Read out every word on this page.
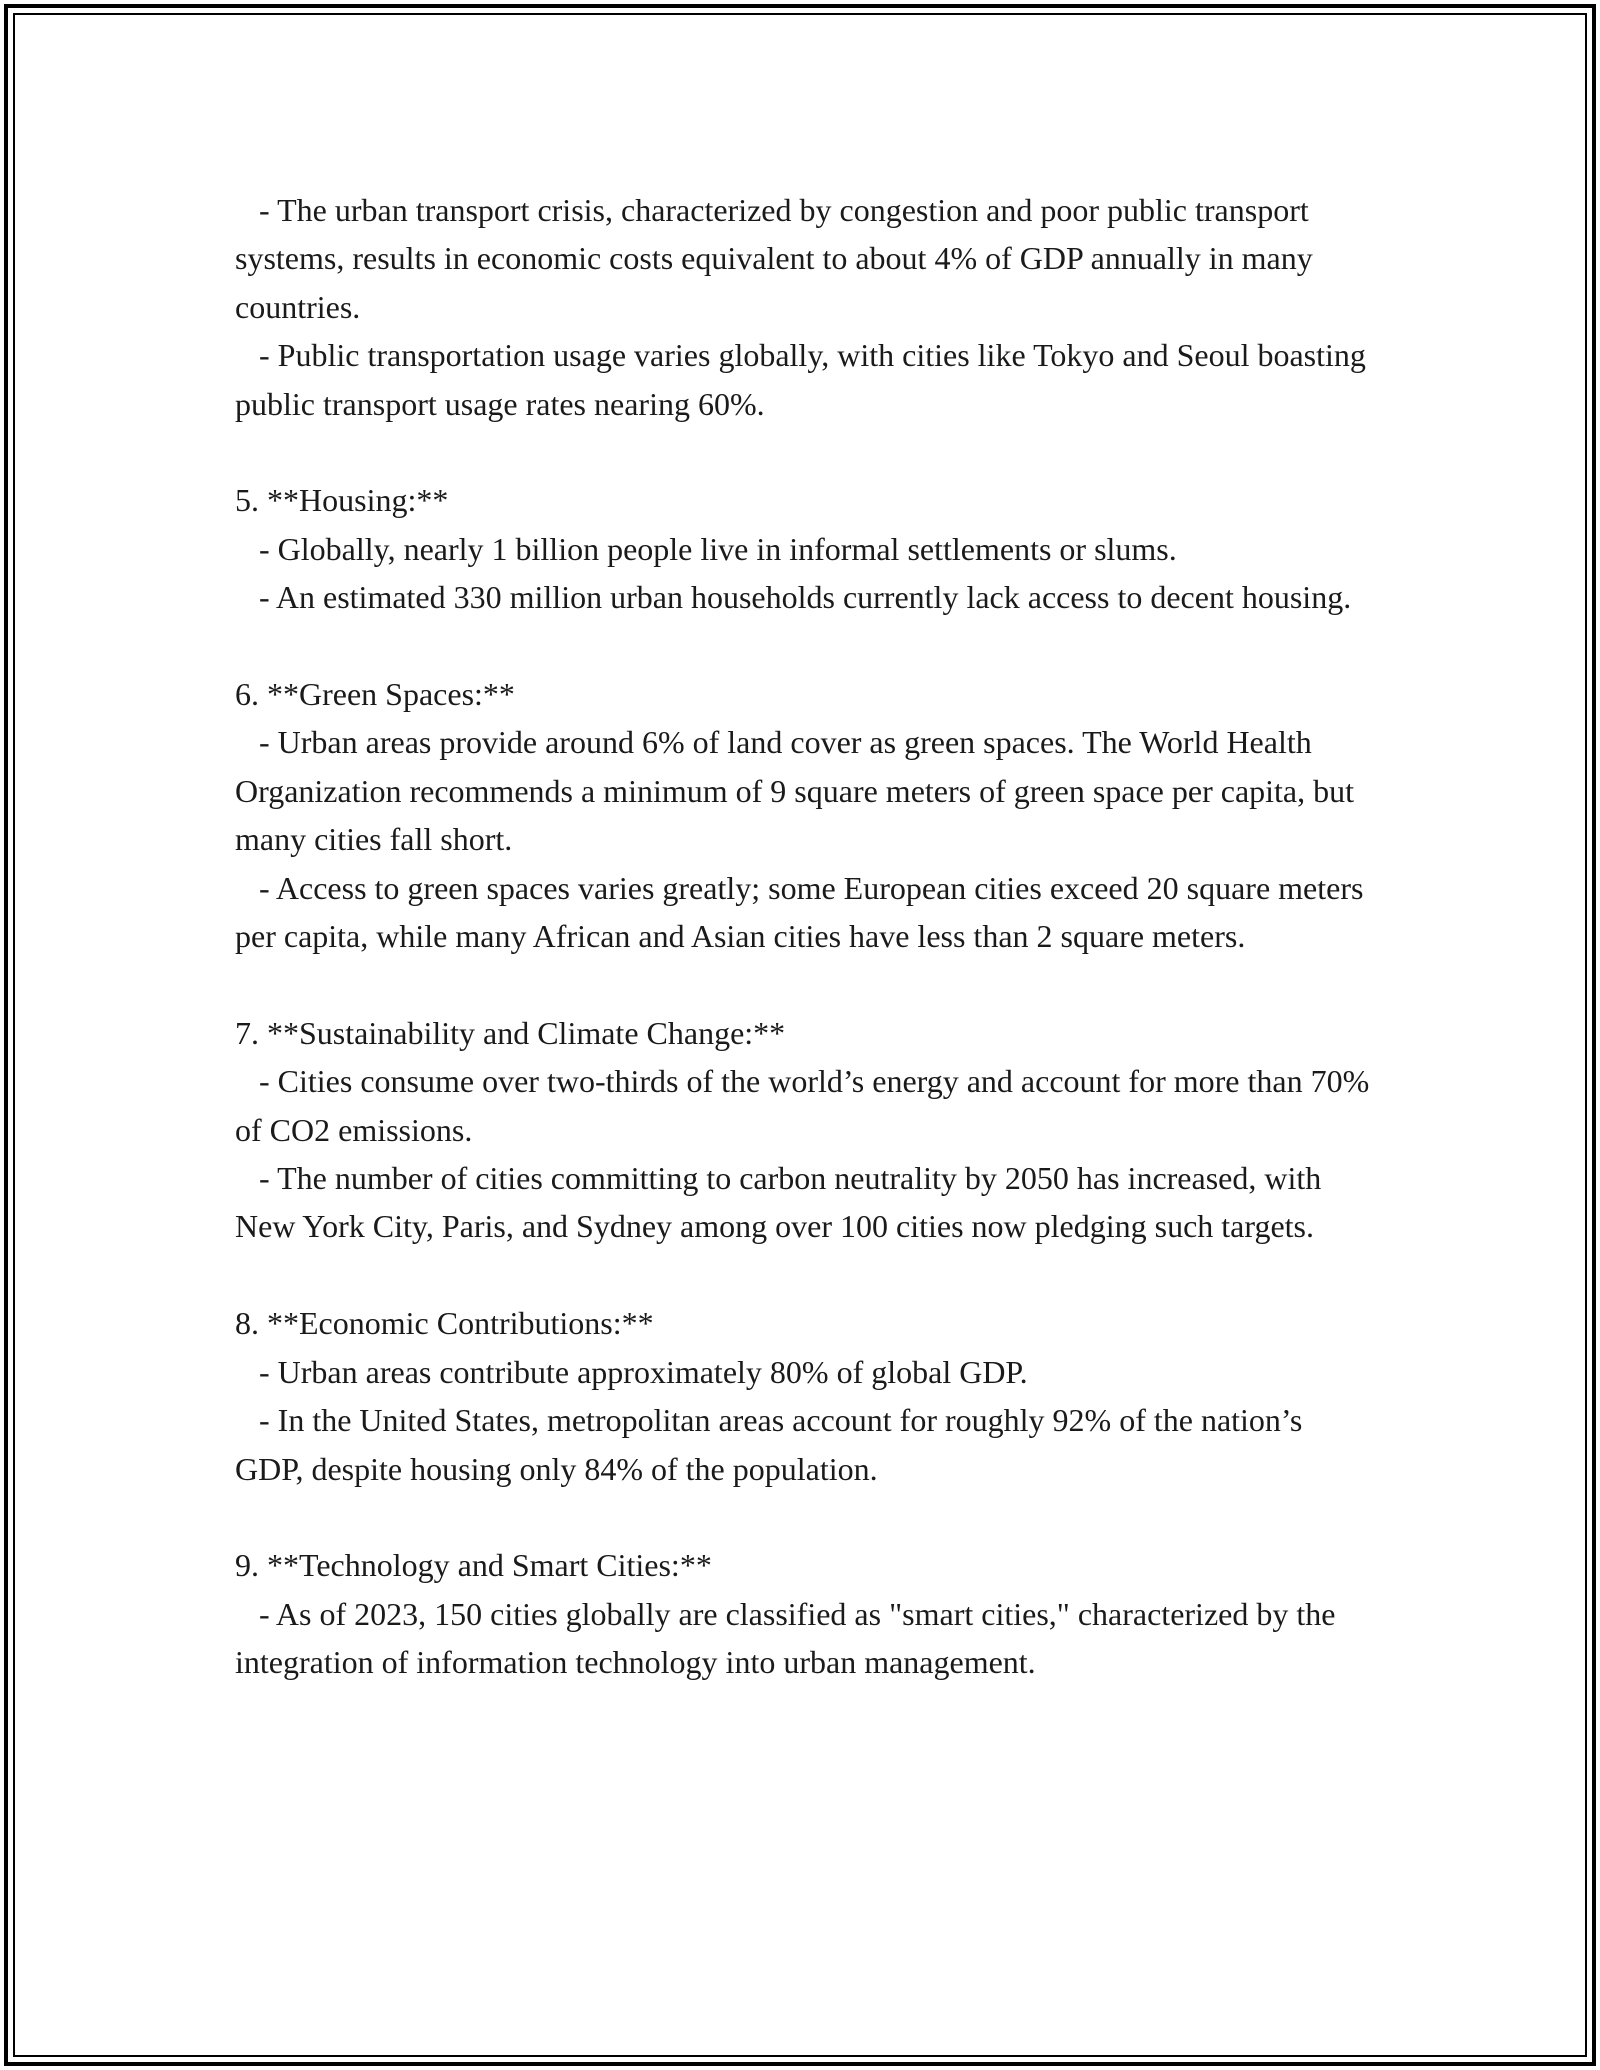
- The urban transport crisis, characterized by congestion and poor public transport systems, results in economic costs equivalent to about 4% of GDP annually in many countries.

- Public transportation usage varies globally, with cities like Tokyo and Seoul boasting public transport usage rates nearing 60%.

5. **Housing:**

- Globally, nearly 1 billion people live in informal settlements or slums.

- An estimated 330 million urban households currently lack access to decent housing.

6. **Green Spaces:**

- Urban areas provide around 6% of land cover as green spaces. The World Health Organization recommends a minimum of 9 square meters of green space per capita, but many cities fall short.

- Access to green spaces varies greatly; some European cities exceed 20 square meters per capita, while many African and Asian cities have less than 2 square meters.

7. **Sustainability and Climate Change:**

- Cities consume over two-thirds of the world’s energy and account for more than 70% of CO2 emissions.

- The number of cities committing to carbon neutrality by 2050 has increased, with New York City, Paris, and Sydney among over 100 cities now pledging such targets.

8. **Economic Contributions:**

- Urban areas contribute approximately 80% of global GDP.

- In the United States, metropolitan areas account for roughly 92% of the nation’s GDP, despite housing only 84% of the population.

9. **Technology and Smart Cities:**

- As of 2023, 150 cities globally are classified as "smart cities," characterized by the integration of information technology into urban management.
